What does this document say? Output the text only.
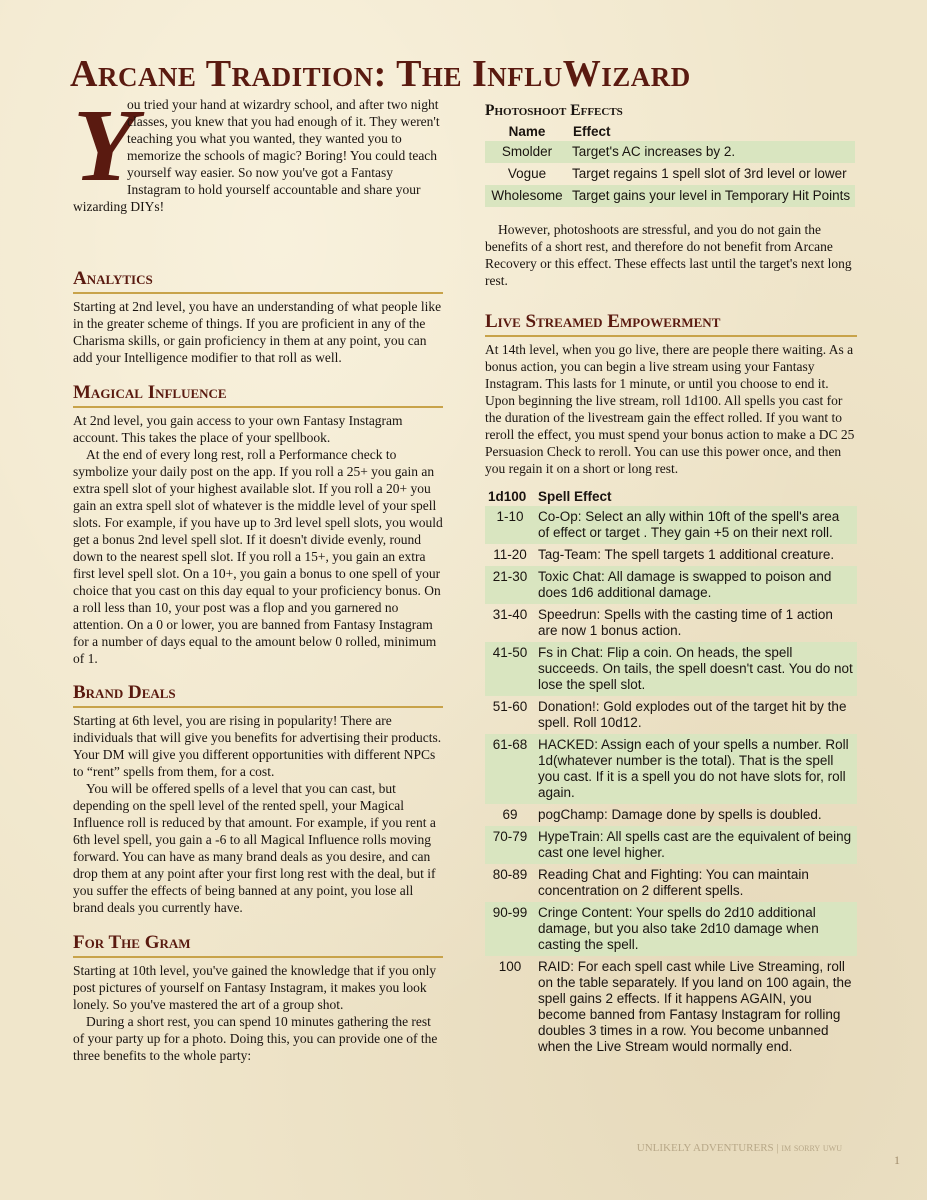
Arcane Tradition: The InfluWizard
Y

ou tried your hand at wizardry school, and after two night classes, you knew that you had enough of it. They weren't teaching you what you wanted, they wanted you to memorize the schools of magic? Boring! You could teach yourself way easier. So now you've got a Fantasy Instagram to hold yourself accountable and share your wizarding DIYs!

Analytics

Starting at 2nd level, you have an understanding of what people like in the greater scheme of things. If you are proficient in any of the Charisma skills, or gain proficiency in them at any point, you can add your Intelligence modifier to that roll as well.

Magical Influence

At 2nd level, you gain access to your own Fantasy Instagram account. This takes the place of your spellbook.

At the end of every long rest, roll a Performance check to symbolize your daily post on the app. If you roll a 25+ you gain an extra spell slot of your highest available slot. If you roll a 20+ you gain an extra spell slot of whatever is the middle level of your spell slots. For example, if you have up to 3rd level spell slots, you would get a bonus 2nd level spell slot. If it doesn't divide evenly, round down to the nearest spell slot. If you roll a 15+, you gain an extra first level spell slot. On a 10+, you gain a bonus to one spell of your choice that you cast on this day equal to your proficiency bonus. On a roll less than 10, your post was a flop and you garnered no attention. On a 0 or lower, you are banned from Fantasy Instagram for a number of days equal to the amount below 0 rolled, minimum of 1.

Brand Deals

Starting at 6th level, you are rising in popularity! There are individuals that will give you benefits for advertising their products. Your DM will give you different opportunities with different NPCs to “rent” spells from them, for a cost.

You will be offered spells of a level that you can cast, but depending on the spell level of the rented spell, your Magical Influence roll is reduced by that amount. For example, if you rent a 6th level spell, you gain a -6 to all Magical Influence rolls moving forward. You can have as many brand deals as you desire, and can drop them at any point after your first long rest with the deal, but if you suffer the effects of being banned at any point, you lose all brand deals you currently have.

For The Gram

Starting at 10th level, you've gained the knowledge that if you only post pictures of yourself on Fantasy Instagram, it makes you look lonely. So you've mastered the art of a group shot.

During a short rest, you can spend 10 minutes gathering the rest of your party up for a photo. Doing this, you can provide one of the three benefits to the whole party:

Photoshoot Effects
Name	Effect
Smolder	Target's AC increases by 2.
Vogue	Target regains 1 spell slot of 3rd level or lower
Wholesome	Target gains your level in Temporary Hit Points

However, photoshoots are stressful, and you do not gain the benefits of a short rest, and therefore do not benefit from Arcane Recovery or this effect. These effects last until the target's next long rest.

Live Streamed Empowerment

At 14th level, when you go live, there are people there waiting. As a bonus action, you can begin a live stream using your Fantasy Instagram. This lasts for 1 minute, or until you choose to end it. Upon beginning the live stream, roll 1d100. All spells you cast for the duration of the livestream gain the effect rolled. If you want to reroll the effect, you must spend your bonus action to make a DC 25 Persuasion Check to reroll. You can use this power once, and then you regain it on a short or long rest.

1d100	Spell Effect
1-10	Co-Op: Select an ally within 10ft of the spell's area of effect or target . They gain +5 on their next roll.
11-20	Tag-Team: The spell targets 1 additional creature.
21-30	Toxic Chat: All damage is swapped to poison and does 1d6 additional damage.
31-40	Speedrun: Spells with the casting time of 1 action are now 1 bonus action.
41-50	Fs in Chat: Flip a coin. On heads, the spell succeeds. On tails, the spell doesn't cast. You do not lose the spell slot.
51-60	Donation!: Gold explodes out of the target hit by the spell. Roll 10d12.
61-68	HACKED: Assign each of your spells a number. Roll 1d(whatever number is the total). That is the spell you cast. If it is a spell you do not have slots for, roll again.
69	pogChamp: Damage done by spells is doubled.
70-79	HypeTrain: All spells cast are the equivalent of being cast one level higher.
80-89	Reading Chat and Fighting: You can maintain concentration on 2 different spells.
90-99	Cringe Content: Your spells do 2d10 additional damage, but you also take 2d10 damage when casting the spell.
100	RAID: For each spell cast while Live Streaming, roll on the table separately. If you land on 100 again, the spell gains 2 effects. If it happens AGAIN, you become banned from Fantasy Instagram for rolling doubles 3 times in a row. You become unbanned when the Live Stream would normally end.
UNLIKELY ADVENTURERS | im sorry uwu
1
